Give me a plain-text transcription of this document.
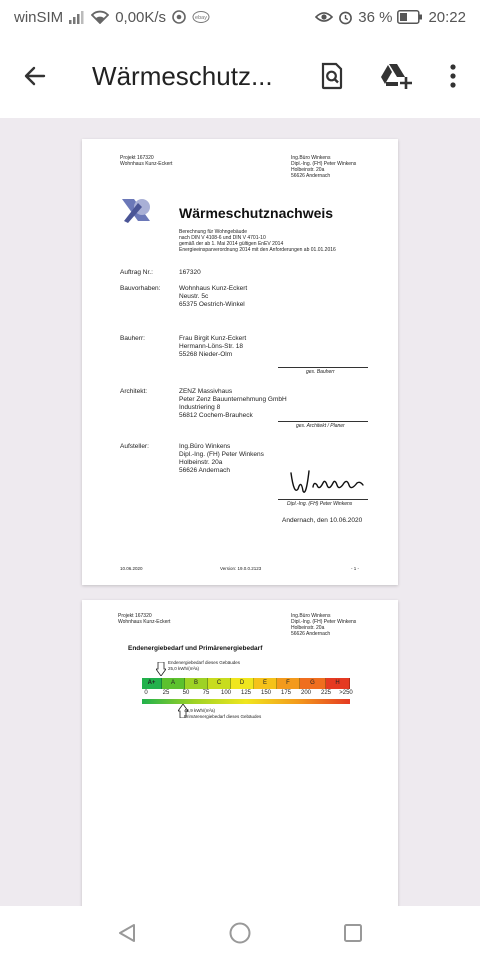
winSIM	0,00K/s	ebay	36 % 20:22
Wärmeschutz...
Projekt 167320
Wohnhaus Kunz-Eckert
Ing.Büro Winkens
Dipl.-Ing. (FH) Peter Winkens
Holbeinstr. 20a
56626 Andernach
Wärmeschutznachweis
Berechnung für Wohngebäude
nach DIN V 4108-6 und DIN V 4701-10
gemäß der ab 1. Mai 2014 gültigen EnEV 2014
Energieeinsparverordnung 2014 mit den Anforderungen ab 01.01.2016
Auftrag Nr.:	167320
Bauvorhaben:	Wohnhaus Kunz-Eckert
Neustr. 5c
65375 Oestrich-Winkel
Bauherr:	Frau Birgit Kunz-Eckert
Hermann-Löns-Str. 18
55268 Nieder-Olm
ges. Bauherr
Architekt:	ZENZ Massivhaus
Peter Zenz Bauunternehmung GmbH
Industriering 8
56812 Cochem-Brauheck
ges. Architekt / Planer
Aufsteller:	Ing.Büro Winkens
Dipl.-Ing. (FH) Peter Winkens
Holbeinstr. 20a
56626 Andernach
Dipl.-Ing. (FH) Peter Winkens
Andernach, den 10.06.2020
10.06.2020	Version: 19.0.0.2123	- 1 -
Projekt 167320
Wohnhaus Kunz-Eckert
Ing.Büro Winkens
Dipl.-Ing. (FH) Peter Winkens
Holbeinstr. 20a
56626 Andernach
Endenergiebedarf und Primärenergiebedarf
Endenergiebedarf dieses Gebäudes
25,0 kWh/(m²a)
A+	A	B	C	D	E	F	G	H
0	25	50	75	100	125	150	175	200	225	>250
45,9 kWh/(m²a)
Primärenergiebedarf dieses Gebäudes
